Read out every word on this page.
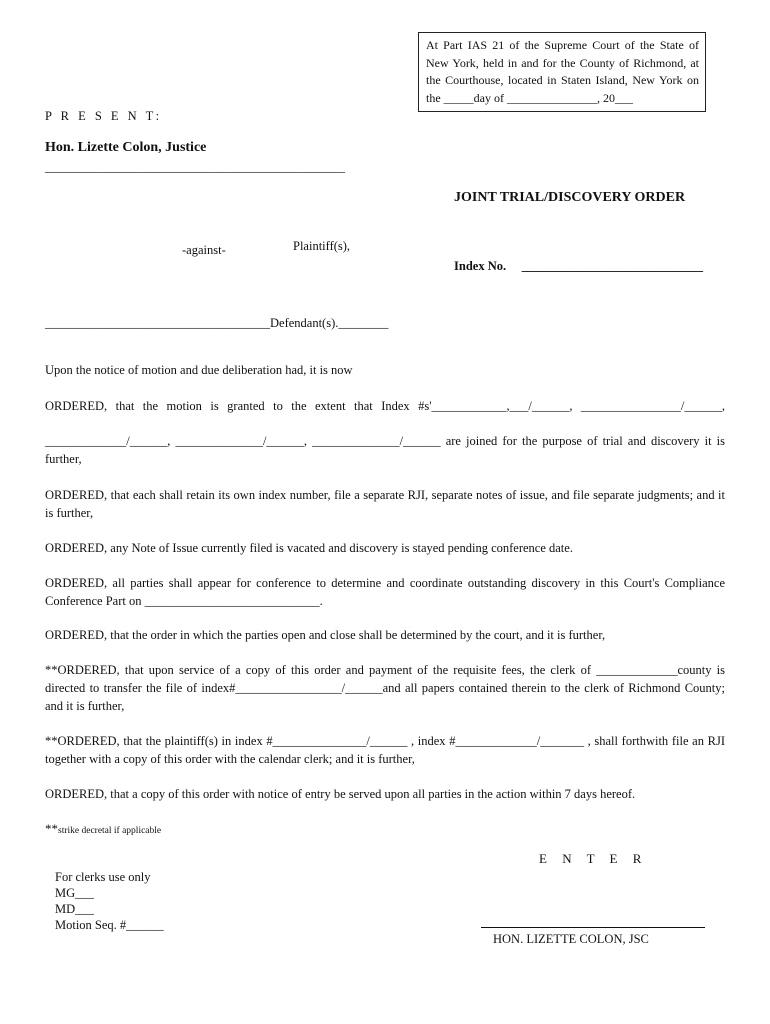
At Part IAS 21 of the Supreme Court of the State of New York, held in and for the County of Richmond, at the Courthouse, located in Staten Island, New York on the _____day of _______________, 20___
P R E S E N T:
Hon. Lizette Colon, Justice
________________________________________________
JOINT TRIAL/DISCOVERY ORDER
-against-	Plaintiff(s),
Index No. _____________________________
____________________________________Defendant(s).________
Upon the notice of motion and due deliberation had, it is now
ORDERED, that the motion is granted to the extent that Index #s'____________,___/______, ________________/______,
_____________/______, ______________/______, ______________/______ are joined for the purpose of trial and discovery it is further,
ORDERED, that each shall retain its own index number, file a separate RJI, separate notes of issue, and file separate judgments; and it is further,
ORDERED, any Note of Issue currently filed is vacated and discovery is stayed pending conference date.
ORDERED, all parties shall appear for conference to determine and coordinate outstanding discovery in this Court's Compliance Conference Part on ____________________________.
ORDERED, that the order in which the parties open and close shall be determined by the court, and it is further,
**ORDERED, that upon service of a copy of this order and payment of the requisite fees, the clerk of _____________county is directed to transfer the file of index#_________________/______and all papers contained therein to the clerk of Richmond County; and it is further,
**ORDERED, that the plaintiff(s) in index #_______________/______ , index #_____________/_______ , shall forthwith file an RJI together with a copy of this order with the calendar clerk; and it is further,
ORDERED, that a copy of this order with notice of entry be served upon all parties in the action within 7 days hereof.
**strike decretal if applicable
E N T E R
For clerks use only
MG___
MD___
Motion Seq. #______
HON. LIZETTE COLON, JSC
